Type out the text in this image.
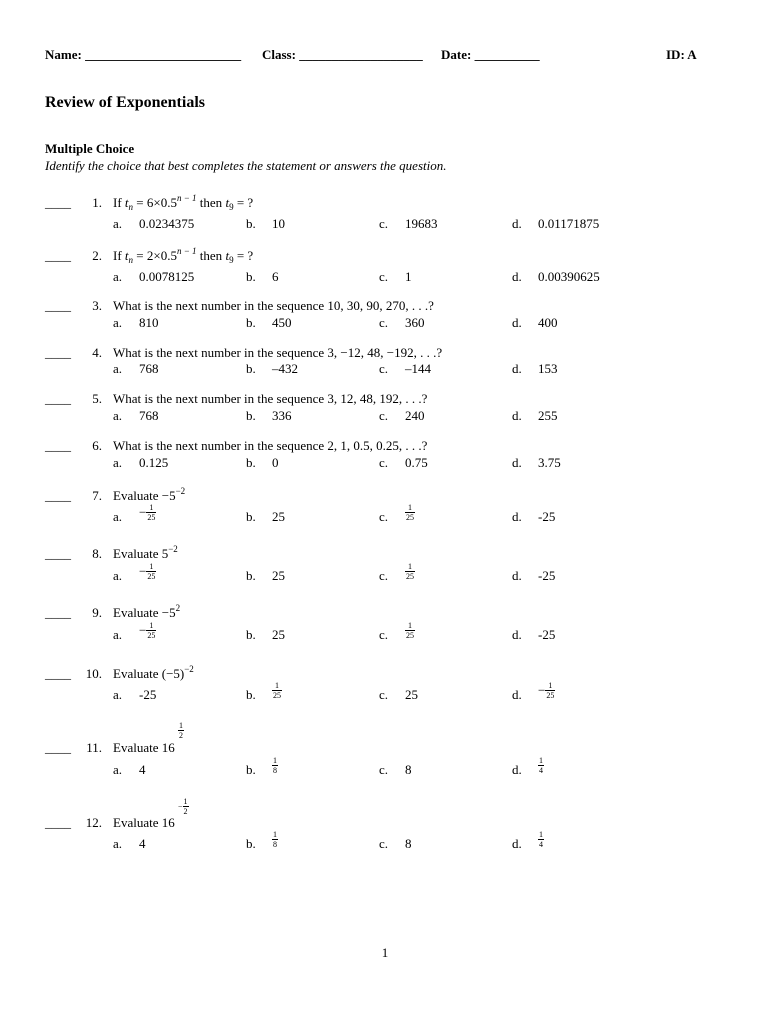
Name: ________________________ Class: ___________________ Date: __________	ID: A
Review of Exponentials
Multiple Choice
Identify the choice that best completes the statement or answers the question.
____	1. If $t_n = 6\times 0.5^{n - 1}$ then $t_9$ = ?
a. 0.0234375	b. 10	c. 19683	d. 0.01171875
____	2. If $t_n = 2\times 0.5^{n - 1}$ then $t_9$ = ?
a. 0.0078125	b. 6	c. 1	d. 0.00390625
____	3. What is the next number in the sequence 10, 30, 90, 270, . . .?
a. 810	b. 450	c. 360	d. 400
____	4. What is the next number in the sequence 3, −12, 48, −192, . . .?
a. 768	b. –432	c. –144	d. 153
____	5. What is the next number in the sequence 3, 12, 48, 192, . . .?
a. 768	b. 336	c. 240	d. 255
____	6. What is the next number in the sequence 2, 1, 0.5, 0.25, . . .?
a. 0.125	b. 0	c. 0.75	d. 3.75
____	7. Evaluate $-5^{-2}$
a. − $\frac{1}{25}$	b. 25	c. $\frac{1}{25}$	d. -25
____	8. Evaluate $5^{-2}$
a. − $\frac{1}{25}$	b. 25	c. $\frac{1}{25}$	d. -25
____	9. Evaluate $-5^2$
a. − $\frac{1}{25}$	b. 25	c. $\frac{1}{25}$	d. -25
____	10. Evaluate $(-5)^{-2}$
a. -25	b. $\frac{1}{25}$	c. 25	d. − $\frac{1}{25}$
____	11. Evaluate 16
1
2
a. 4	b. $\frac{1}{8}$	c. 8	d. $\frac{1}{4}$
____	12. Evaluate 16
− $\frac{1}{2}$
a. 4	b. $\frac{1}{8}$	c. 8	d. $\frac{1}{4}$
1
